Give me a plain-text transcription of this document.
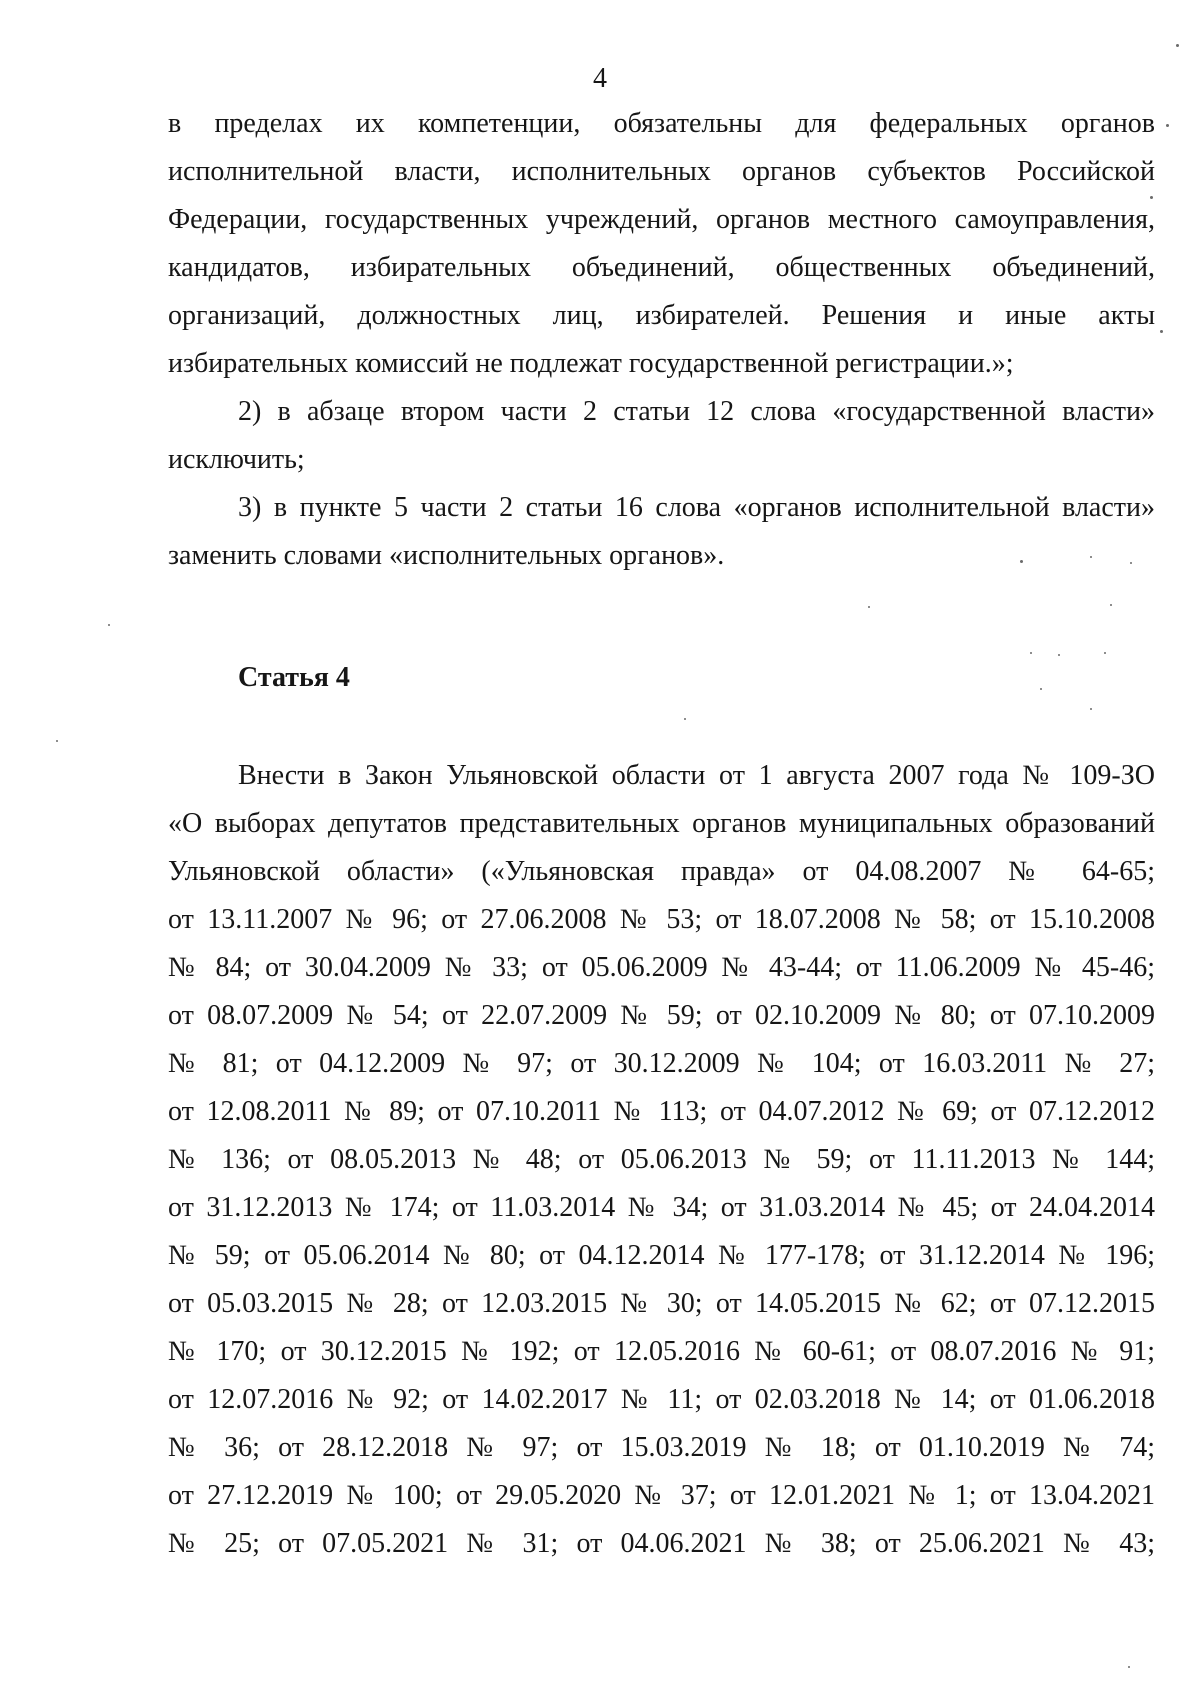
4
в пределах их компетенции, обязательны для федеральных органов
исполнительной власти, исполнительных органов субъектов Российской
Федерации, государственных учреждений, органов местного самоуправления,
кандидатов, избирательных объединений, общественных объединений,
организаций, должностных лиц, избирателей. Решения и иные акты
избирательных комиссий не подлежат государственной регистрации.»;
2) в абзаце втором части 2 статьи 12 слова «государственной власти»
исключить;
3) в пункте 5 части 2 статьи 16 слова «органов исполнительной власти»
заменить словами «исполнительных органов».
Статья 4
Внести в Закон Ульяновской области от 1 августа 2007 года № 109-ЗО
«О выборах депутатов представительных органов муниципальных образований
Ульяновской области» («Ульяновская правда» от 04.08.2007 № 64-65;
от 13.11.2007 № 96; от 27.06.2008 № 53; от 18.07.2008 № 58; от 15.10.2008
№ 84; от 30.04.2009 № 33; от 05.06.2009 № 43-44; от 11.06.2009 № 45-46;
от 08.07.2009 № 54; от 22.07.2009 № 59; от 02.10.2009 № 80; от 07.10.2009
№ 81; от 04.12.2009 № 97; от 30.12.2009 № 104; от 16.03.2011 № 27;
от 12.08.2011 № 89; от 07.10.2011 № 113; от 04.07.2012 № 69; от 07.12.2012
№ 136; от 08.05.2013 № 48; от 05.06.2013 № 59; от 11.11.2013 № 144;
от 31.12.2013 № 174; от 11.03.2014 № 34; от 31.03.2014 № 45; от 24.04.2014
№ 59; от 05.06.2014 № 80; от 04.12.2014 № 177-178; от 31.12.2014 № 196;
от 05.03.2015 № 28; от 12.03.2015 № 30; от 14.05.2015 № 62; от 07.12.2015
№ 170; от 30.12.2015 № 192; от 12.05.2016 № 60-61; от 08.07.2016 № 91;
от 12.07.2016 № 92; от 14.02.2017 № 11; от 02.03.2018 № 14; от 01.06.2018
№ 36; от 28.12.2018 № 97; от 15.03.2019 № 18; от 01.10.2019 № 74;
от 27.12.2019 № 100; от 29.05.2020 № 37; от 12.01.2021 № 1; от 13.04.2021
№ 25; от 07.05.2021 № 31; от 04.06.2021 № 38; от 25.06.2021 № 43;
